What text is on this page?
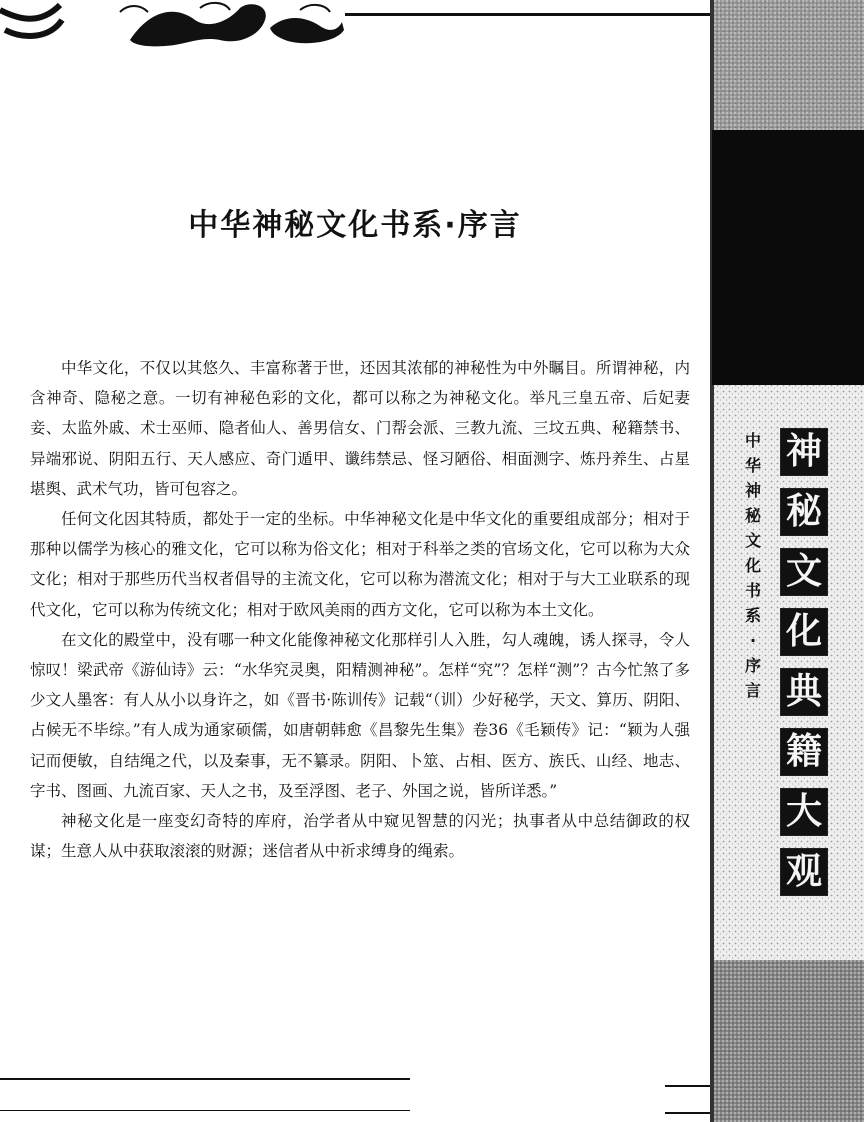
中华神秘文化书系·序言

中华文化，不仅以其悠久、丰富称著于世，还因其浓郁的神秘性为中外瞩目。所谓神秘，内含神奇、隐秘之意。一切有神秘色彩的文化，都可以称之为神秘文化。举凡三皇五帝、后妃妻妾、太监外戚、术士巫师、隐者仙人、善男信女、门帮会派、三教九流、三坟五典、秘籍禁书、异端邪说、阴阳五行、天人感应、奇门遁甲、谶纬禁忌、怪习陋俗、相面测字、炼丹养生、占星堪舆、武术气功，皆可包容之。

任何文化因其特质，都处于一定的坐标。中华神秘文化是中华文化的重要组成部分；相对于那种以儒学为核心的雅文化，它可以称为俗文化；相对于科举之类的官场文化，它可以称为大众文化；相对于那些历代当权者倡导的主流文化，它可以称为潜流文化；相对于与大工业联系的现代文化，它可以称为传统文化；相对于欧风美雨的西方文化，它可以称为本土文化。

在文化的殿堂中，没有哪一种文化能像神秘文化那样引人入胜，勾人魂魄，诱人探寻，令人惊叹！梁武帝《游仙诗》云：“水华究灵奥，阳精测神秘”。怎样“究”？怎样“测”？古今忙煞了多少文人墨客：有人从小以身许之，如《晋书·陈训传》记载“（训）少好秘学，天文、算历、阴阳、占候无不毕综。”有人成为通家硕儒，如唐朝韩愈《昌黎先生集》卷36《毛颖传》记：“颖为人强记而便敏，自结绳之代，以及秦事，无不纂录。阴阳、卜筮、占相、医方、族氏、山经、地志、字书、图画、九流百家、天人之书，及至浮图、老子、外国之说，皆所详悉。”

神秘文化是一座变幻奇特的库府，治学者从中窥见智慧的闪光；执事者从中总结御政的权谋；生意人从中获取滚滚的财源；迷信者从中祈求缚身的绳索。

中
华
神
秘
文
化
书
系
·
序
言
神
秘
文
化
典
籍
大
观
